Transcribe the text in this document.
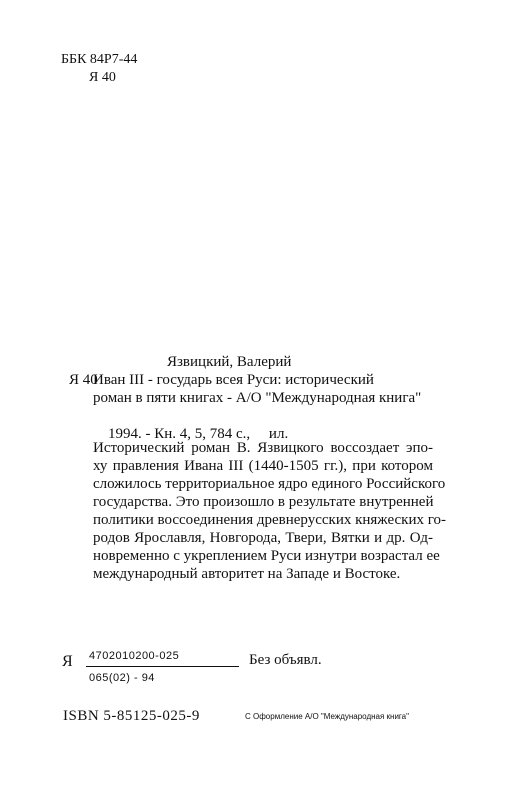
ББК 84Р7-44
Я 40
Язвицкий, Валерий
Я 40Иван III - государь всея Руси: исторический
роман в пяти книгах - А/О "Международная книга"

1994. - Кн. 4, 5, 784 с.,     ил.

Исторический роман В. Язвицкого воссоздает эпо-
ху правления Ивана III (1440-1505 гг.), при котором
сложилось территориальное ядро единого Российского
государства. Это произошло в результате внутренней
политики воссоединения древнерусских княжеских го-
родов Ярославля, Новгорода, Твери, Вятки и др. Од-
новременно с укреплением Руси изнутри возрастал ее
международный авторитет на Западе и Востоке.
Я $\frac{4702010200-025}{065(02) - 94}$ Без объявл.
ISBN 5-85125-025-9	С Оформление А/О "Международная книга"
